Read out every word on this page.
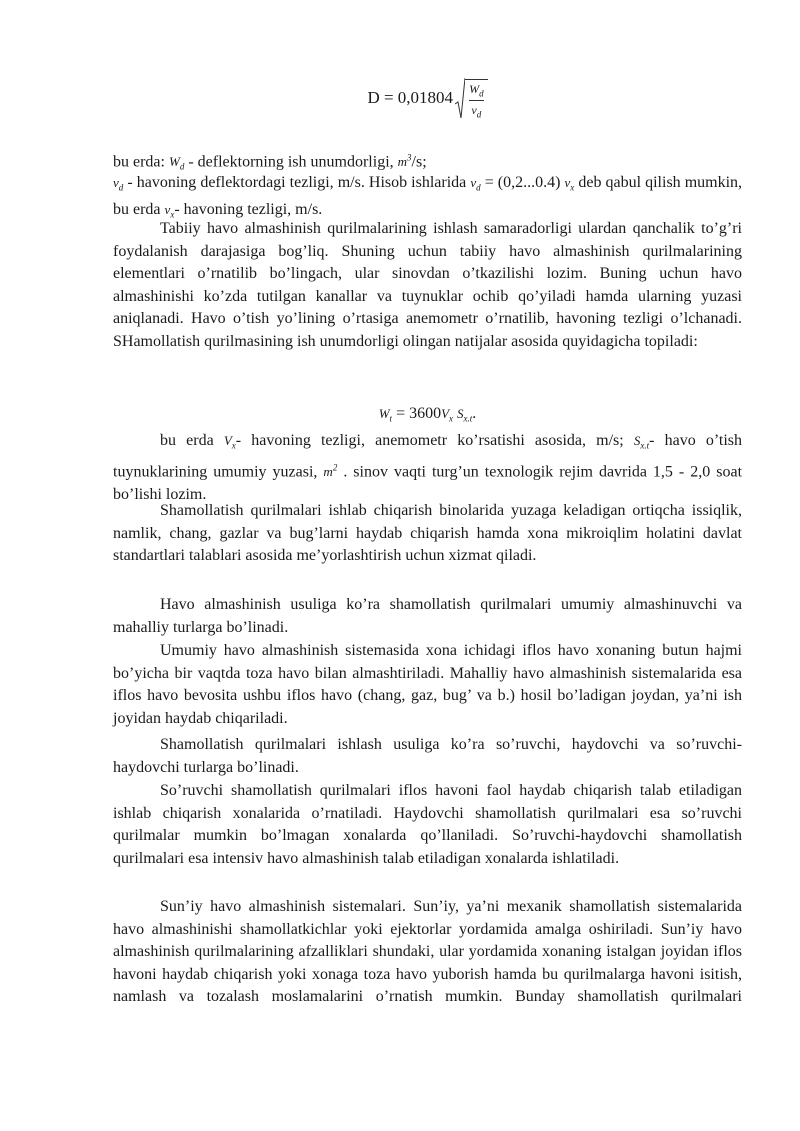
$D = 0,01804 \frac{W_d}{v_d}$
bu erda: $W_d$ - deflektorning ish unumdorligi, $m^3/s$;
$v_d$ - havoning deflektordagi tezligi, m/s. Hisob ishlarida $v_d = (0,2...0.4)$ $v_x$ deb qabul qilish mumkin, bu erda $v_x-$ havoning tezligi, m/s.
Tabiiy havo almashinish qurilmalarining ishlash samaradorligi ulardan qanchalik to’g’ri foydalanish darajasiga bog’liq. Shuning uchun tabiiy havo almashinish qurilmalarining elementlari o’rnatilib bo’lingach, ular sinovdan o’tkazilishi lozim. Buning uchun havo almashinishi ko’zda tutilgan kanallar va tuynuklar ochib qo’yiladi hamda ularning yuzasi aniqlanadi. Havo o’tish yo’lining o’rtasiga anemometr o’rnatilib, havoning tezligi o’lchanadi. SHamollatish qurilmasining ish unumdorligi olingan natijalar asosida quyidagicha topiladi:
$W_t = 3600V_x$ $S_{x.t}$.
bu erda $V_x-$ havoning tezligi, anemometr ko’rsatishi asosida, m/s; $S_{x.t}-$ havo o’tish tuynuklarining umumiy yuzasi, $m^2$ . sinov vaqti turg’un texnologik rejim davrida 1,5 - 2,0 soat bo’lishi lozim.
Shamollatish qurilmalari ishlab chiqarish binolarida yuzaga keladigan ortiqcha issiqlik, namlik, chang, gazlar va bug’larni haydab chiqarish hamda xona mikroiqlim holatini davlat standartlari talablari asosida me’yorlashtirish uchun xizmat qiladi.
Havo almashinish usuliga ko’ra shamollatish qurilmalari umumiy almashinuvchi va mahalliy turlarga bo’linadi.
Umumiy havo almashinish sistemasida xona ichidagi iflos havo xonaning butun hajmi bo’yicha bir vaqtda toza havo bilan almashtiriladi. Mahalliy havo almashinish sistemalarida esa iflos havo bevosita ushbu iflos havo (chang, gaz, bug’ va b.) hosil bo’ladigan joydan, ya’ni ish joyidan haydab chiqariladi.
Shamollatish qurilmalari ishlash usuliga ko’ra so’ruvchi, haydovchi va so’ruvchi-haydovchi turlarga bo’linadi.
So’ruvchi shamollatish qurilmalari iflos havoni faol haydab chiqarish talab etiladigan ishlab chiqarish xonalarida o’rnatiladi. Haydovchi shamollatish qurilmalari esa so’ruvchi qurilmalar mumkin bo’lmagan xonalarda qo’llaniladi. So’ruvchi-haydovchi shamollatish qurilmalari esa intensiv havo almashinish talab etiladigan xonalarda ishlatiladi.
Sun’iy havo almashinish sistemalari. Sun’iy, ya’ni mexanik shamollatish sistemalarida havo almashinishi shamollatkichlar yoki ejektorlar yordamida amalga oshiriladi. Sun’iy havo almashinish qurilmalarining afzalliklari shundaki, ular yordamida xonaning istalgan joyidan iflos havoni haydab chiqarish yoki xonaga toza havo yuborish hamda bu qurilmalarga havoni isitish, namlash va tozalash moslamalarini o’rnatish mumkin. Bunday shamollatish qurilmalari
